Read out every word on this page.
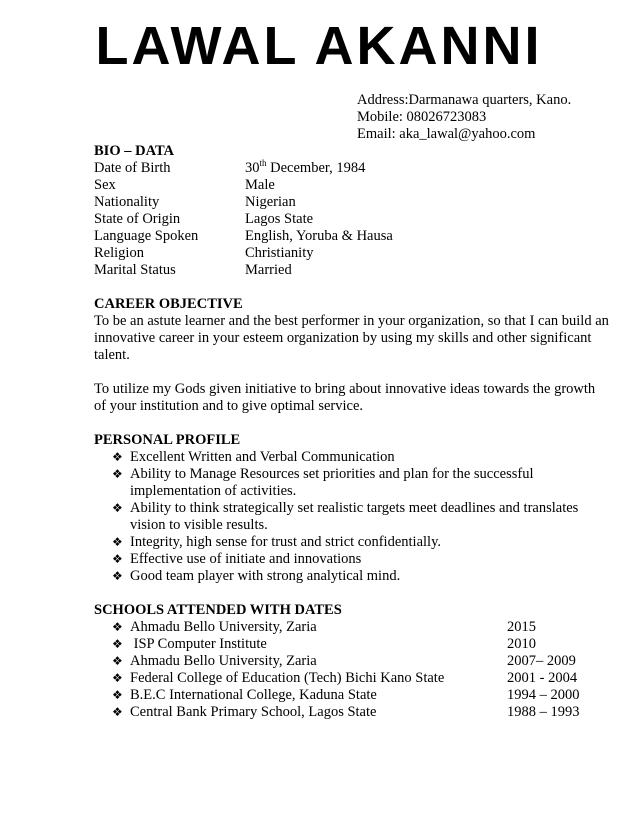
LAWAL AKANNI
Address:Darmanawa quarters, Kano.
Mobile: 08026723083
Email: aka_lawal@yahoo.com
BIO – DATA
Date of Birth	30th December, 1984
Sex	Male
Nationality	Nigerian
State of Origin	Lagos State
Language Spoken	English, Yoruba & Hausa
Religion	Christianity
Marital Status	Married
CAREER OBJECTIVE

To be an astute learner and the best performer in your organization, so that I can build an innovative career in your esteem organization by using my skills and other significant talent.

To utilize my Gods given initiative to bring about innovative ideas towards the growth of your institution and to give optimal service.

PERSONAL PROFILE
❖ Excellent Written and Verbal Communication
❖ Ability to Manage Resources set priorities and plan for the successful implementation of activities.
❖ Ability to think strategically set realistic targets meet deadlines and translates vision to visible results.
❖ Integrity, high sense for trust and strict confidentially.
❖ Effective use of initiate and innovations
❖ Good team player with strong analytical mind.
SCHOOLS ATTENDED WITH DATES
❖ Ahmadu Bello University, Zaria	2015
❖ ISP Computer Institute	2010
❖ Ahmadu Bello University, Zaria	2007– 2009
❖ Federal College of Education (Tech) Bichi Kano State	2001 - 2004
❖ B.E.C International College, Kaduna State	1994 – 2000
❖ Central Bank Primary School, Lagos State	1988 – 1993
